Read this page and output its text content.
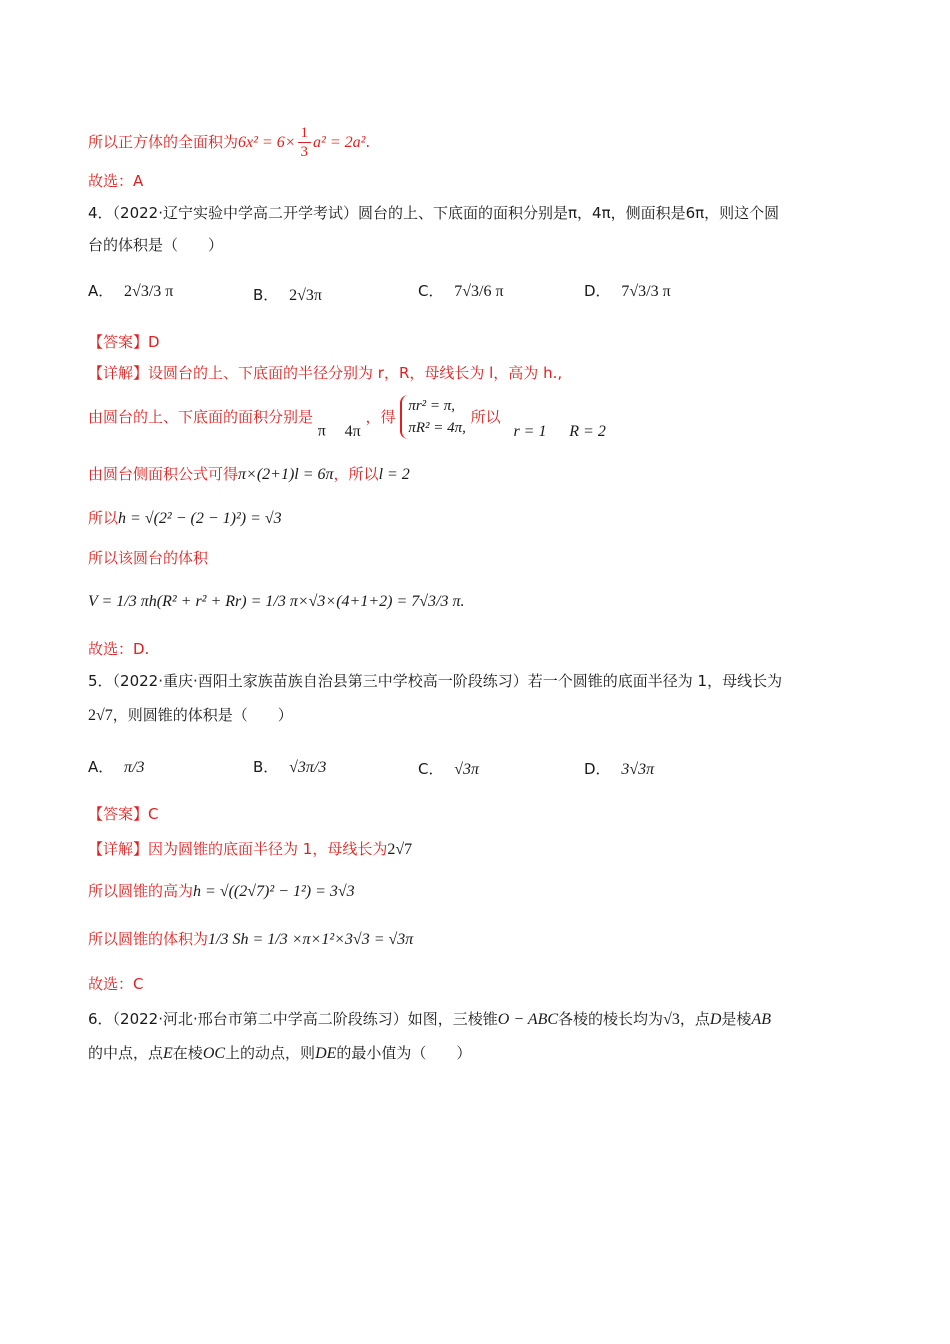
所以正方体的全面积为$6x^2 = 6\times \frac{1}{3} a^2 = 2a^2$.
故选：A
4．（2022·辽宁实验中学高二开学考试）圆台的上、下底面的面积分别是π，4π，侧面积是6π，则这个圆
台的体积是（　　）
A． 2√3/3 π	B． 2√3π	C． 7√3/6 π	D． 7√3/3 π
【答案】D
【详解】设圆台的上、下底面的半径分别为 r，R，母线长为 l，高为 h.,
由圆台的上、下底面的面积分别是 π 4π ，得
πr² = π,
πR² = 4π,
所以 r = 1 R = 2
由圆台侧面积公式可得π×(2+1)l = 6π，所以l = 2
所以h = √(2² − (2 − 1)²) = √3
所以该圆台的体积
V = 1/3 πh(R² + r² + Rr) = 1/3 π×√3×(4+1+2) = 7√3/3 π.
故选：D.
5．（2022·重庆·酉阳土家族苗族自治县第三中学校高一阶段练习）若一个圆锥的底面半径为 1，母线长为
2√7，则圆锥的体积是（　　）
A． π/3	B． √3π/3	C． √3π	D． 3√3π
【答案】C
【详解】因为圆锥的底面半径为 1，母线长为2√7
所以圆锥的高为h = √((2√7)² − 1²) = 3√3
所以圆锥的体积为1/3 Sh = 1/3 ×π×1²×3√3 = √3π
故选：C
6．（2022·河北·邢台市第二中学高二阶段练习）如图，三棱锥O − ABC各棱的棱长均为√3，点D是棱AB
的中点，点E在棱OC上的动点，则DE的最小值为（　　）
